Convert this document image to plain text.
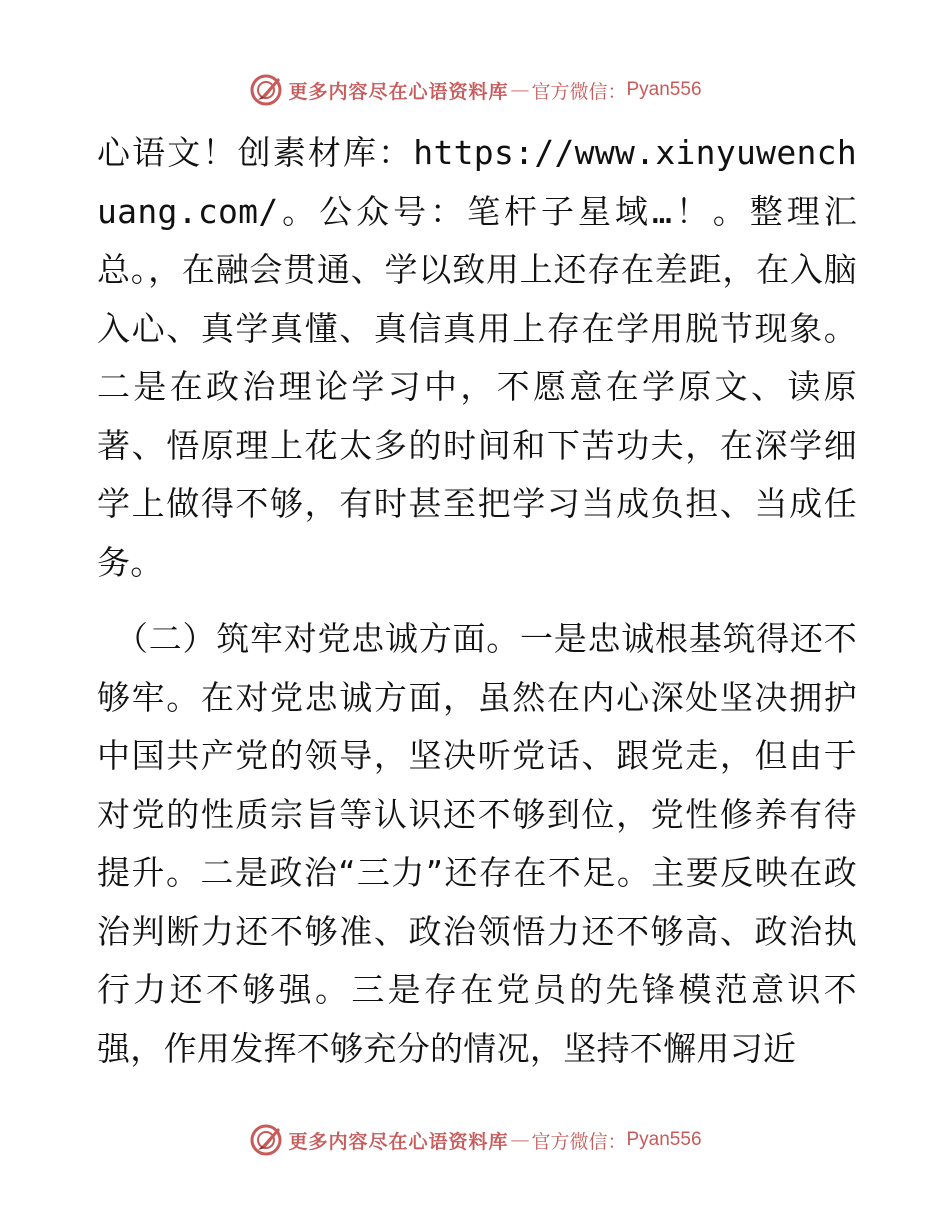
更多内容尽在心语资料库 — 官方微信： Pyan556

心语文！创素材库：https://www.xinyuwenchuang.com/。公众号：笔杆子星域…！。整理汇总。，在融会贯通、学以致用上还存在差距，在入脑入心、真学真懂、真信真用上存在学用脱节现象。二是在政治理论学习中，不愿意在学原文、读原著、悟原理上花太多的时间和下苦功夫，在深学细学上做得不够，有时甚至把学习当成负担、当成任务。

（二）筑牢对党忠诚方面。一是忠诚根基筑得还不够牢。在对党忠诚方面，虽然在内心深处坚决拥护中国共产党的领导，坚决听党话、跟党走，但由于对党的性质宗旨等认识还不够到位，党性修养有待提升。二是政治“三力”还存在不足。主要反映在政治判断力还不够准、政治领悟力还不够高、政治执行力还不够强。三是存在党员的先锋模范意识不强，作用发挥不够充分的情况，坚持不懈用习近

更多内容尽在心语资料库 — 官方微信： Pyan556
